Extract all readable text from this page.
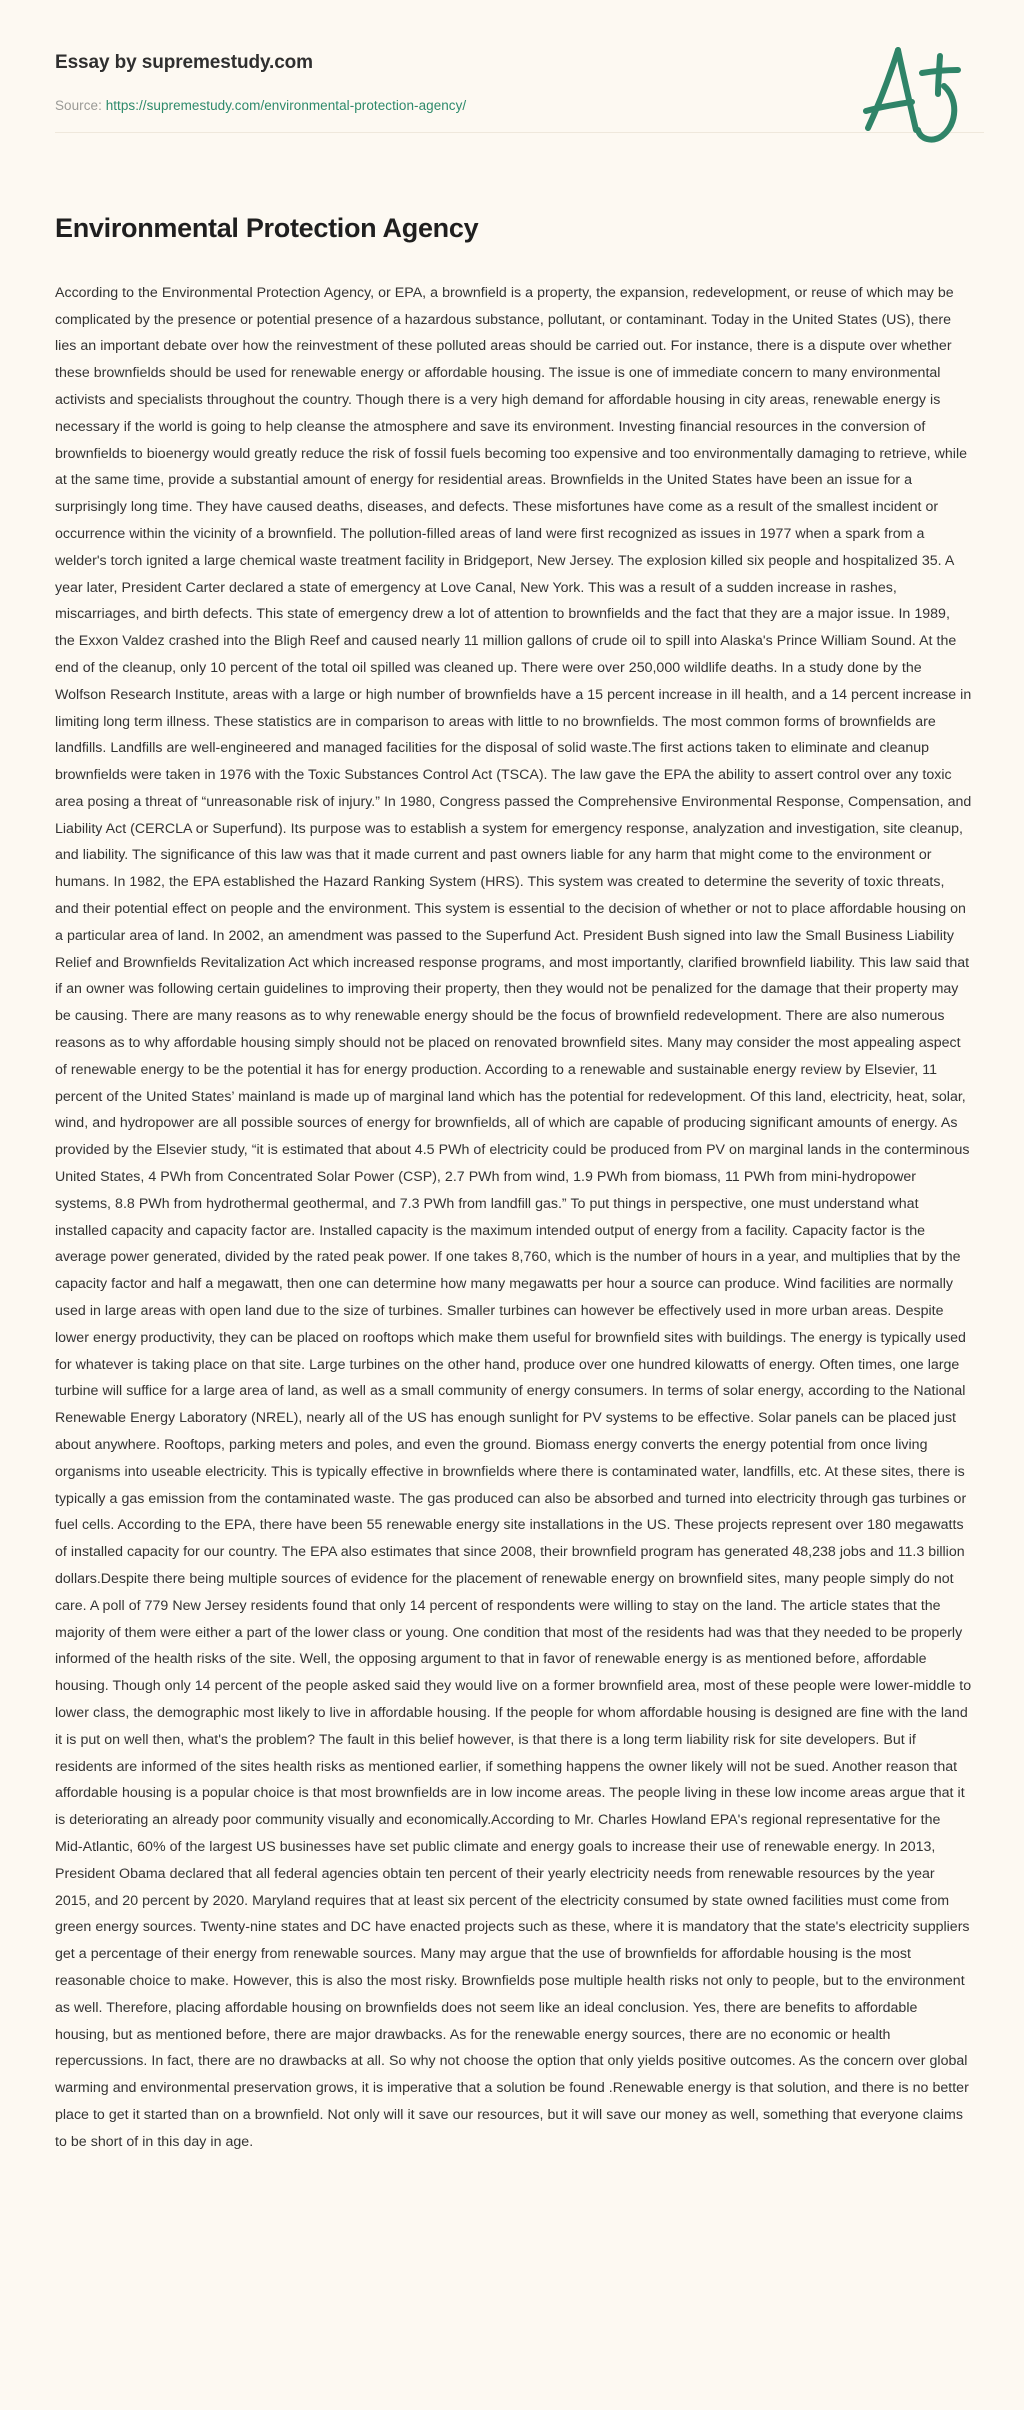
Essay by supremestudy.com
Source: https://supremestudy.com/environmental-protection-agency/
Environmental Protection Agency

According to the Environmental Protection Agency, or EPA, a brownfield is a property, the expansion, redevelopment, or reuse of which may be complicated by the presence or potential presence of a hazardous substance, pollutant, or contaminant. Today in the United States (US), there lies an important debate over how the reinvestment of these polluted areas should be carried out. For instance, there is a dispute over whether these brownfields should be used for renewable energy or affordable housing. The issue is one of immediate concern to many environmental activists and specialists throughout the country. Though there is a very high demand for affordable housing in city areas, renewable energy is necessary if the world is going to help cleanse the atmosphere and save its environment. Investing financial resources in the conversion of brownfields to bioenergy would greatly reduce the risk of fossil fuels becoming too expensive and too environmentally damaging to retrieve, while at the same time, provide a substantial amount of energy for residential areas. Brownfields in the United States have been an issue for a surprisingly long time. They have caused deaths, diseases, and defects. These misfortunes have come as a result of the smallest incident or occurrence within the vicinity of a brownfield. The pollution-filled areas of land were first recognized as issues in 1977 when a spark from a welder's torch ignited a large chemical waste treatment facility in Bridgeport, New Jersey. The explosion killed six people and hospitalized 35. A year later, President Carter declared a state of emergency at Love Canal, New York. This was a result of a sudden increase in rashes, miscarriages, and birth defects. This state of emergency drew a lot of attention to brownfields and the fact that they are a major issue. In 1989, the Exxon Valdez crashed into the Bligh Reef and caused nearly 11 million gallons of crude oil to spill into Alaska's Prince William Sound. At the end of the cleanup, only 10 percent of the total oil spilled was cleaned up. There were over 250,000 wildlife deaths. In a study done by the Wolfson Research Institute, areas with a large or high number of brownfields have a 15 percent increase in ill health, and a 14 percent increase in limiting long term illness. These statistics are in comparison to areas with little to no brownfields. The most common forms of brownfields are landfills. Landfills are well-engineered and managed facilities for the disposal of solid waste.The first actions taken to eliminate and cleanup brownfields were taken in 1976 with the Toxic Substances Control Act (TSCA). The law gave the EPA the ability to assert control over any toxic area posing a threat of “unreasonable risk of injury.” In 1980, Congress passed the Comprehensive Environmental Response, Compensation, and Liability Act (CERCLA or Superfund). Its purpose was to establish a system for emergency response, analyzation and investigation, site cleanup, and liability. The significance of this law was that it made current and past owners liable for any harm that might come to the environment or humans. In 1982, the EPA established the Hazard Ranking System (HRS). This system was created to determine the severity of toxic threats, and their potential effect on people and the environment. This system is essential to the decision of whether or not to place affordable housing on a particular area of land. In 2002, an amendment was passed to the Superfund Act. President Bush signed into law the Small Business Liability Relief and Brownfields Revitalization Act which increased response programs, and most importantly, clarified brownfield liability. This law said that if an owner was following certain guidelines to improving their property, then they would not be penalized for the damage that their property may be causing. There are many reasons as to why renewable energy should be the focus of brownfield redevelopment. There are also numerous reasons as to why affordable housing simply should not be placed on renovated brownfield sites. Many may consider the most appealing aspect of renewable energy to be the potential it has for energy production. According to a renewable and sustainable energy review by Elsevier, 11 percent of the United States’ mainland is made up of marginal land which has the potential for redevelopment. Of this land, electricity, heat, solar, wind, and hydropower are all possible sources of energy for brownfields, all of which are capable of producing significant amounts of energy. As provided by the Elsevier study, “it is estimated that about 4.5 PWh of electricity could be produced from PV on marginal lands in the conterminous United States, 4 PWh from Concentrated Solar Power (CSP), 2.7 PWh from wind, 1.9 PWh from biomass, 11 PWh from mini-hydropower systems, 8.8 PWh from hydrothermal geothermal, and 7.3 PWh from landfill gas.” To put things in perspective, one must understand what installed capacity and capacity factor are. Installed capacity is the maximum intended output of energy from a facility. Capacity factor is the average power generated, divided by the rated peak power. If one takes 8,760, which is the number of hours in a year, and multiplies that by the capacity factor and half a megawatt, then one can determine how many megawatts per hour a source can produce. Wind facilities are normally used in large areas with open land due to the size of turbines. Smaller turbines can however be effectively used in more urban areas. Despite lower energy productivity, they can be placed on rooftops which make them useful for brownfield sites with buildings. The energy is typically used for whatever is taking place on that site. Large turbines on the other hand, produce over one hundred kilowatts of energy. Often times, one large turbine will suffice for a large area of land, as well as a small community of energy consumers. In terms of solar energy, according to the National Renewable Energy Laboratory (NREL), nearly all of the US has enough sunlight for PV systems to be effective. Solar panels can be placed just about anywhere. Rooftops, parking meters and poles, and even the ground. Biomass energy converts the energy potential from once living organisms into useable electricity. This is typically effective in brownfields where there is contaminated water, landfills, etc. At these sites, there is typically a gas emission from the contaminated waste. The gas produced can also be absorbed and turned into electricity through gas turbines or fuel cells. According to the EPA, there have been 55 renewable energy site installations in the US. These projects represent over 180 megawatts of installed capacity for our country. The EPA also estimates that since 2008, their brownfield program has generated 48,238 jobs and 11.3 billion dollars.Despite there being multiple sources of evidence for the placement of renewable energy on brownfield sites, many people simply do not care. A poll of 779 New Jersey residents found that only 14 percent of respondents were willing to stay on the land. The article states that the majority of them were either a part of the lower class or young. One condition that most of the residents had was that they needed to be properly informed of the health risks of the site. Well, the opposing argument to that in favor of renewable energy is as mentioned before, affordable housing. Though only 14 percent of the people asked said they would live on a former brownfield area, most of these people were lower-middle to lower class, the demographic most likely to live in affordable housing. If the people for whom affordable housing is designed are fine with the land it is put on well then, what's the problem? The fault in this belief however, is that there is a long term liability risk for site developers. But if residents are informed of the sites health risks as mentioned earlier, if something happens the owner likely will not be sued. Another reason that affordable housing is a popular choice is that most brownfields are in low income areas. The people living in these low income areas argue that it is deteriorating an already poor community visually and economically.According to Mr. Charles Howland EPA's regional representative for the Mid-Atlantic, 60% of the largest US businesses have set public climate and energy goals to increase their use of renewable energy. In 2013, President Obama declared that all federal agencies obtain ten percent of their yearly electricity needs from renewable resources by the year 2015, and 20 percent by 2020. Maryland requires that at least six percent of the electricity consumed by state owned facilities must come from green energy sources. Twenty-nine states and DC have enacted projects such as these, where it is mandatory that the state's electricity suppliers get a percentage of their energy from renewable sources. Many may argue that the use of brownfields for affordable housing is the most reasonable choice to make. However, this is also the most risky. Brownfields pose multiple health risks not only to people, but to the environment as well. Therefore, placing affordable housing on brownfields does not seem like an ideal conclusion. Yes, there are benefits to affordable housing, but as mentioned before, there are major drawbacks. As for the renewable energy sources, there are no economic or health repercussions. In fact, there are no drawbacks at all. So why not choose the option that only yields positive outcomes. As the concern over global warming and environmental preservation grows, it is imperative that a solution be found .Renewable energy is that solution, and there is no better place to get it started than on a brownfield. Not only will it save our resources, but it will save our money as well, something that everyone claims to be short of in this day in age.
